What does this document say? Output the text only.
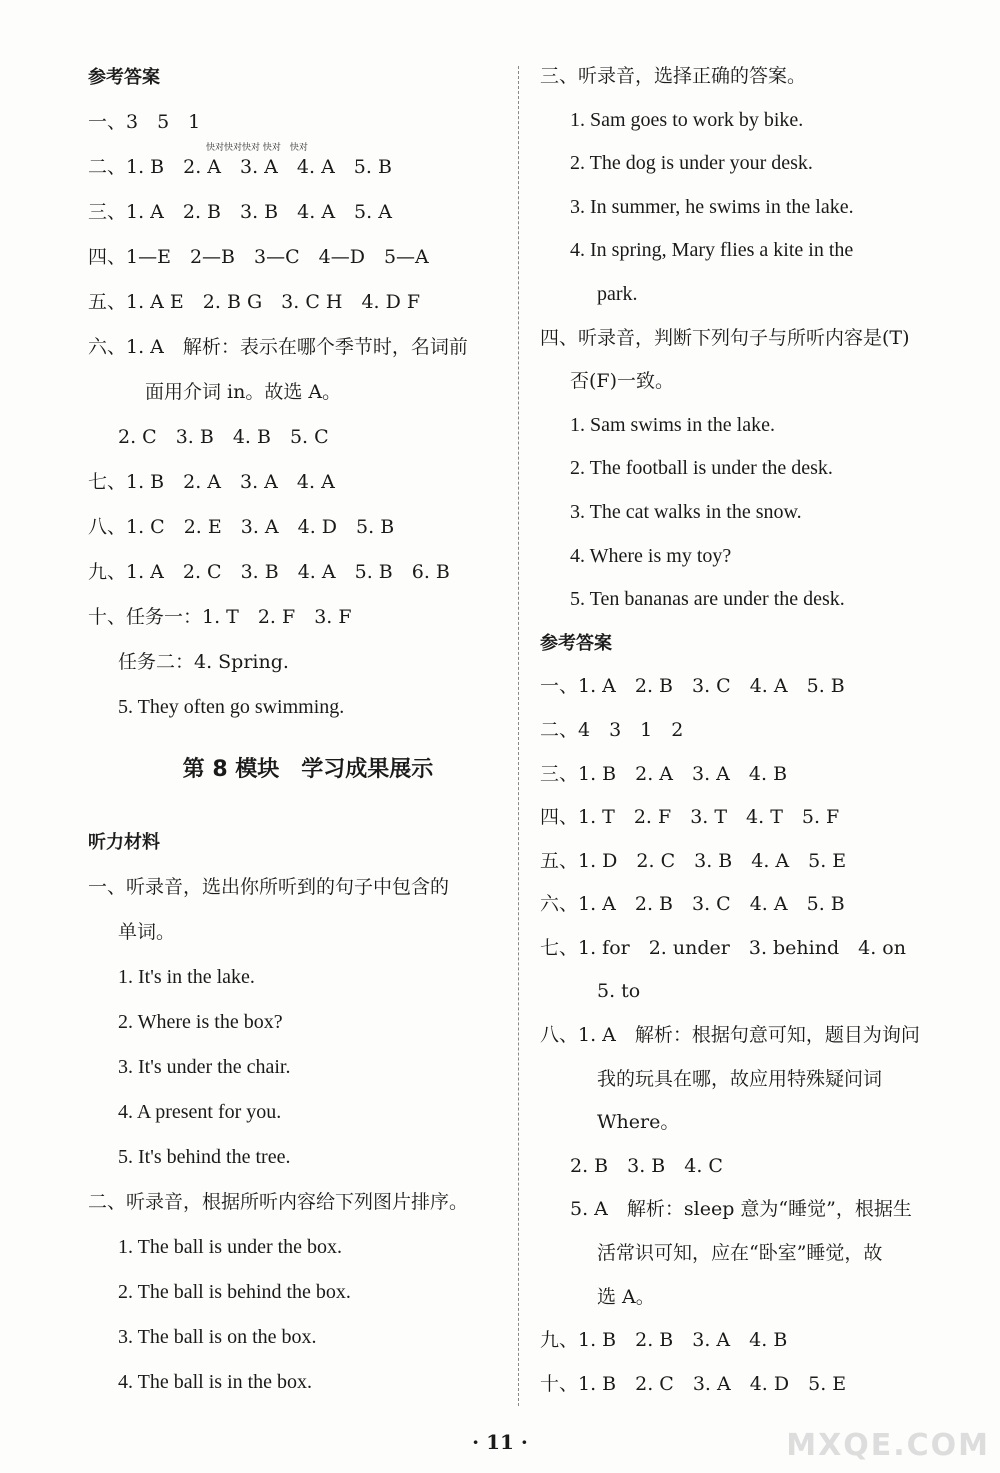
参考答案
一、3　5　1
二、1. B　2. A　3. A　4. A　5. B
快对快对快对 快对　快对
三、1. A　2. B　3. B　4. A　5. A
四、1—E　2—B　3—C　4—D　5—A
五、1. A E　2. B G　3. C H　4. D F
六、1. A　解析：表示在哪个季节时，名词前
面用介词 in。故选 A。
2. C　3. B　4. B　5. C
七、1. B　2. A　3. A　4. A
八、1. C　2. E　3. A　4. D　5. B
九、1. A　2. C　3. B　4. A　5. B　6. B
十、任务一：1. T　2. F　3. F
任务二：4. Spring.
5. They often go swimming.
第 8 模块　学习成果展示
听力材料
一、听录音，选出你所听到的句子中包含的
单词。
1. It's in the lake.
2. Where is the box?
3. It's under the chair.
4. A present for you.
5. It's behind the tree.
二、听录音，根据所听内容给下列图片排序。
1. The ball is under the box.
2. The ball is behind the box.
3. The ball is on the box.
4. The ball is in the box.
三、听录音，选择正确的答案。
1. Sam goes to work by bike.
2. The dog is under your desk.
3. In summer, he swims in the lake.
4. In spring, Mary flies a kite in the
park.
四、听录音，判断下列句子与所听内容是(T)
否(F)一致。
1. Sam swims in the lake.
2. The football is under the desk.
3. The cat walks in the snow.
4. Where is my toy?
5. Ten bananas are under the desk.
参考答案
一、1. A　2. B　3. C　4. A　5. B
二、4　3　1　2
三、1. B　2. A　3. A　4. B
四、1. T　2. F　3. T　4. T　5. F
五、1. D　2. C　3. B　4. A　5. E
六、1. A　2. B　3. C　4. A　5. B
七、1. for　2. under　3. behind　4. on
5. to
八、1. A　解析：根据句意可知，题目为询问
我的玩具在哪，故应用特殊疑问词
Where。
2. B　3. B　4. C
5. A　解析：sleep 意为“睡觉”，根据生
活常识可知，应在“卧室”睡觉，故
选 A。
九、1. B　2. B　3. A　4. B
十、1. B　2. C　3. A　4. D　5. E
· 11 ·	MXQE.COM
